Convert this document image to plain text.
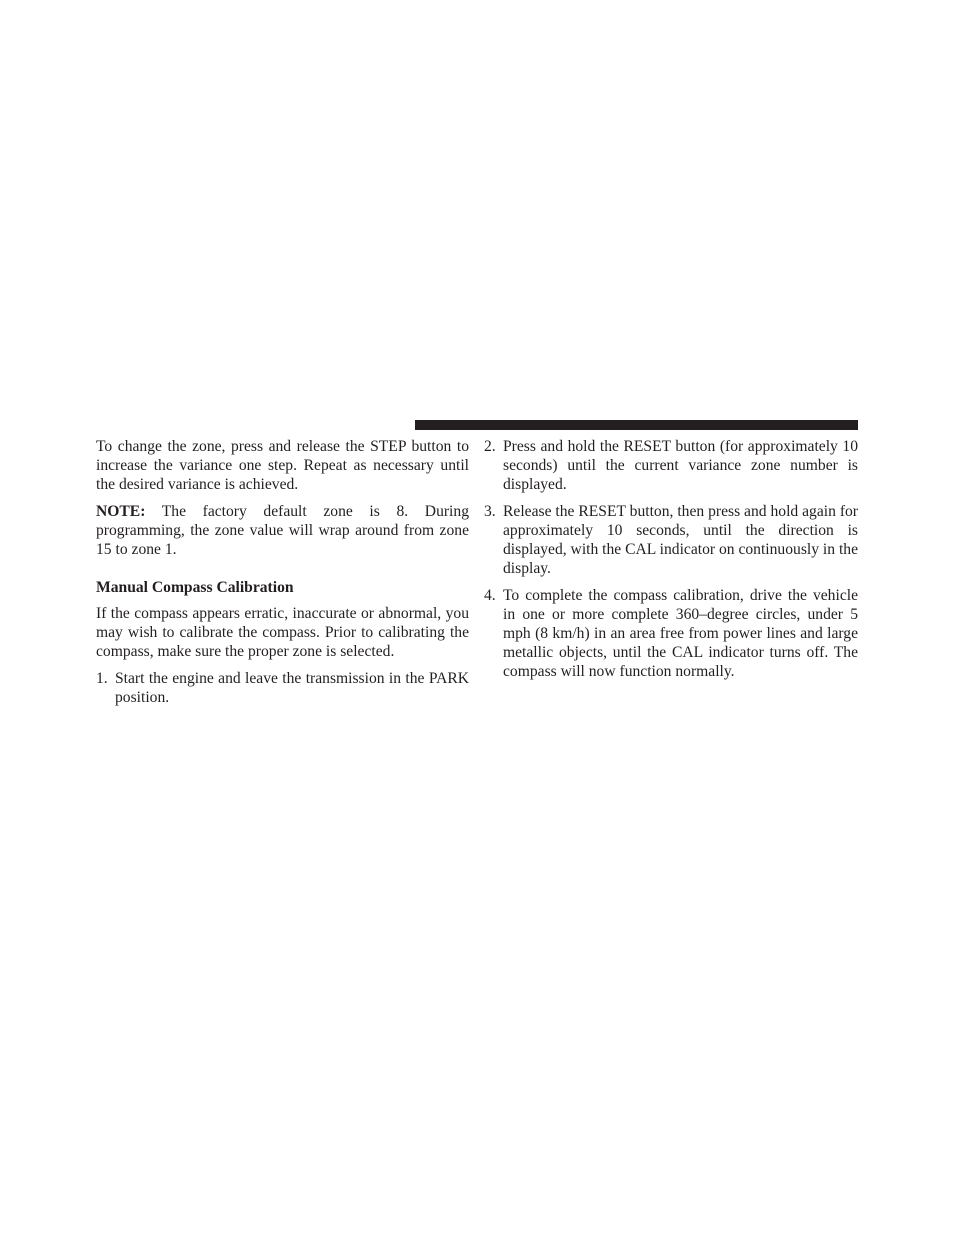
To change the zone, press and release the STEP button to increase the variance one step. Repeat as necessary until the desired variance is achieved.

NOTE: The factory default zone is 8. During programming, the zone value will wrap around from zone 15 to zone 1.

Manual Compass Calibration

If the compass appears erratic, inaccurate or abnormal, you may wish to calibrate the compass. Prior to calibrating the compass, make sure the proper zone is selected.

1. Start the engine and leave the transmission in the PARK position.
2. Press and hold the RESET button (for approximately 10 seconds) until the current variance zone number is displayed.
3. Release the RESET button, then press and hold again for approximately 10 seconds, until the direction is displayed, with the CAL indicator on continuously in the display.
4. To complete the compass calibration, drive the vehicle in one or more complete 360–degree circles, under 5 mph (8 km/h) in an area free from power lines and large metallic objects, until the CAL indicator turns off. The compass will now function normally.
